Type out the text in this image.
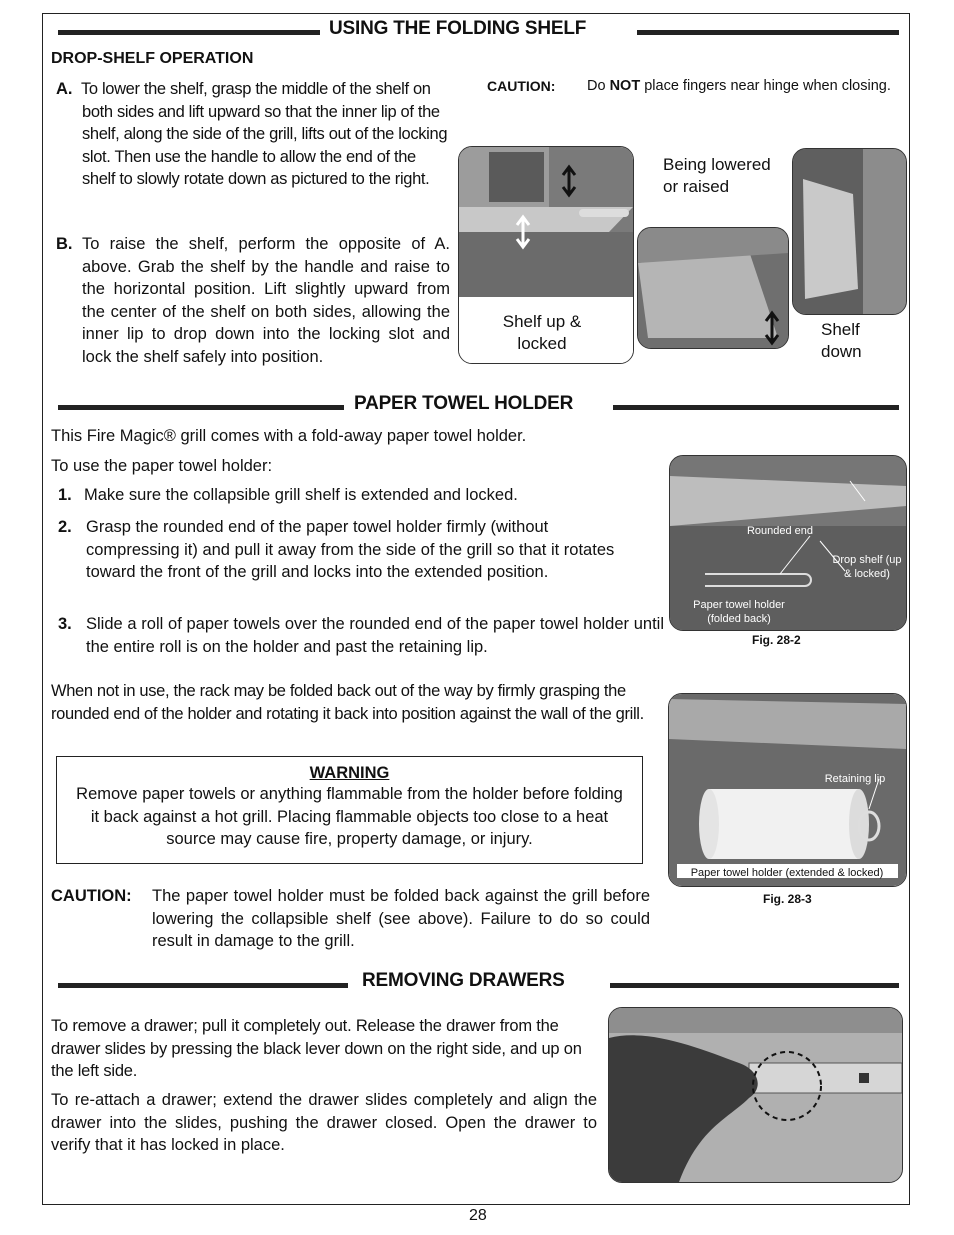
USING THE FOLDING SHELF
DROP-SHELF OPERATION
A. To lower the shelf, grasp the middle of the shelf on both sides and lift upward so that the inner lip of the shelf, along the side of the grill, lifts out of the locking slot. Then use the handle to allow the end of the shelf to slowly rotate down as pictured to the right.
B. To raise the shelf, perform the opposite of A. above. Grab the shelf by the handle and raise to the horizontal position. Lift slightly upward from the center of the shelf on both sides, allowing the inner lip to drop down into the locking slot and lock the shelf safely into position.
CAUTION: Do NOT place fingers near hinge when closing.
Shelf up & locked
Being lowered or raised
Shelf down
PAPER TOWEL HOLDER
This Fire Magic® grill comes with a fold-away paper towel holder.
To use the paper towel holder:
1. Make sure the collapsible grill shelf is extended and locked.
2. Grasp the rounded end of the paper towel holder firmly (without compressing it) and pull it away from the side of the grill so that it rotates toward the front of the grill and locks into the extended position.
3. Slide a roll of paper towels over the rounded end of the paper towel holder until the entire roll is on the holder and past the retaining lip.
When not in use, the rack may be folded back out of the way by firmly grasping the rounded end of the holder and rotating it back into position against the wall of the grill.
WARNING
Remove paper towels or anything flammable from the holder before folding it back against a hot grill. Placing flammable objects too close to a heat source may cause fire, property damage, or injury.
CAUTION: The paper towel holder must be folded back against the grill before lowering the collapsible shelf (see above). Failure to do so could result in damage to the grill.
Rounded end
Drop shelf (up & locked)
Paper towel holder (folded back)
Fig. 28-2
Retaining lip
Paper towel holder (extended & locked)
Fig. 28-3
REMOVING DRAWERS
To remove a drawer; pull it completely out. Release the drawer from the drawer slides by pressing the black lever down on the right side, and up on the left side.
To re-attach a drawer; extend the drawer slides completely and align the drawer into the slides, pushing the drawer closed. Open the drawer to verify that it has locked in place.
28
